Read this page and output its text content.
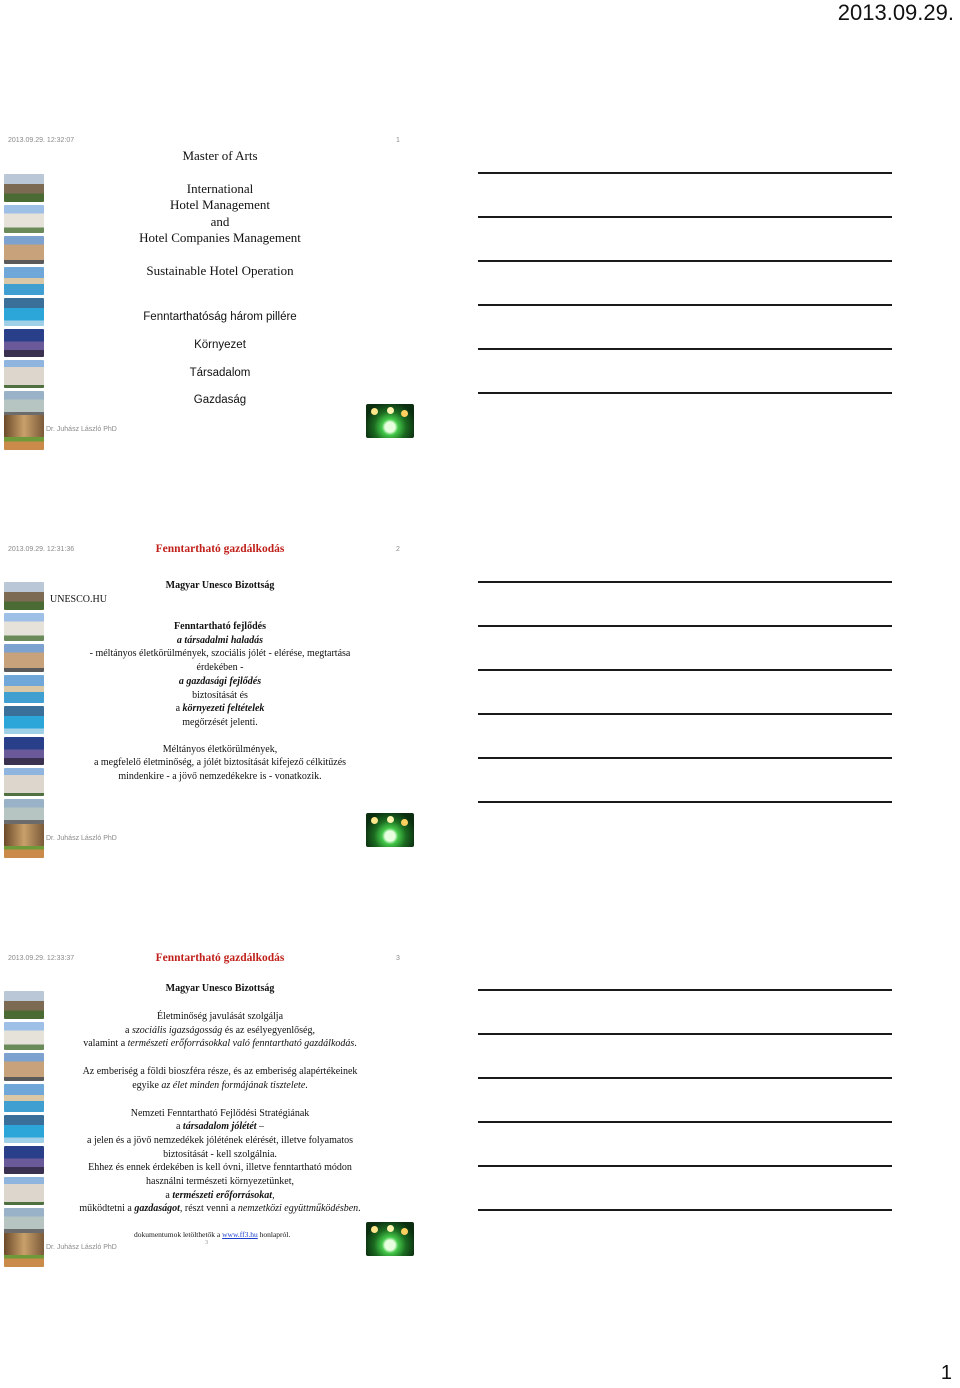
2013.09.29.
2013.09.29. 12:32:07	1
Master of Arts
International
Hotel Management
and
Hotel Companies Management
Sustainable Hotel Operation
Fenntarthatóság három pillére
Környezet
Társadalom
Gazdaság
Dr. Juhász László PhD
2013.09.29. 12:31:36	2
Fenntartható gazdálkodás
Magyar Unesco Bizottság
UNESCO.HU
Fenntartható fejlődés
a társadalmi haladás
- méltányos életkörülmények, szociális jólét - elérése, megtartása
érdekében -
a gazdasági fejlődés
biztosítását és
a környezeti feltételek
megőrzését jelenti.
Méltányos életkörülmények,
a megfelelő életminőség, a jólét biztosítását kifejező célkitűzés
mindenkire - a jövő nemzedékekre is - vonatkozik.
Dr. Juhász László PhD
2013.09.29. 12:33:37	3
Fenntartható gazdálkodás
Magyar Unesco Bizottság
Életminőség javulását szolgálja
a szociális igazságosság és az esélyegyenlőség,
valamint a természeti erőforrásokkal való fenntartható gazdálkodás.
Az emberiség a földi bioszféra része, és az emberiség alapértékeinek
egyike az élet minden formájának tisztelete.
Nemzeti Fenntartható Fejlődési Stratégiának
a társadalom jólétét –
a jelen és a jövő nemzedékek jólétének elérését, illetve folyamatos
biztosítását - kell szolgálnia.
Ehhez és ennek érdekében is kell óvni, illetve fenntartható módon
használni természeti környezetünket,
a természeti erőforrásokat,
működtetni a gazdaságot, részt venni a nemzetközi együttműködésben.
dokumentumok letölthetők a www.ff3.hu honlapról.
3
Dr. Juhász László PhD
1
